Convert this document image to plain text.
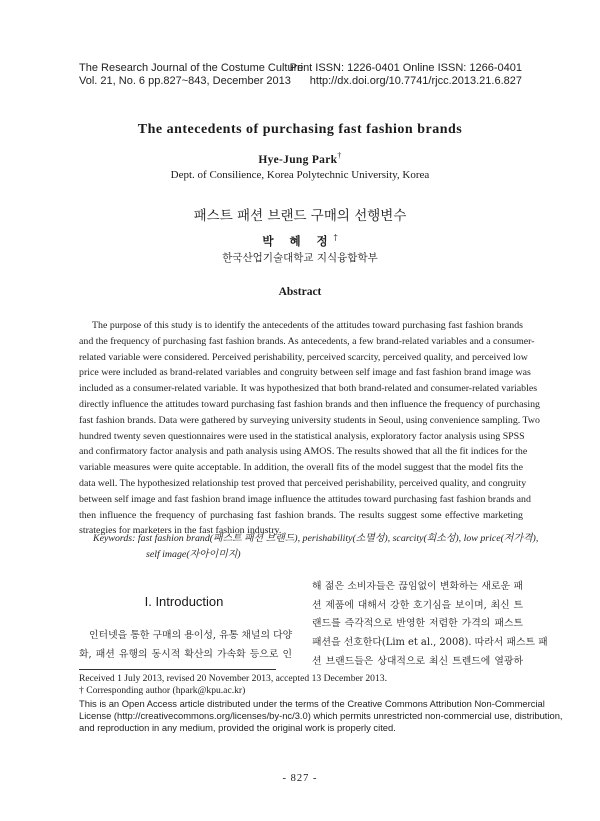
The Research Journal of the Costume Culture
Vol. 21, No. 6 pp.827~843, December 2013
Print ISSN: 1226-0401 Online ISSN: 1266-0401
http://dx.doi.org/10.7741/rjcc.2013.21.6.827
The antecedents of purchasing fast fashion brands
Hye-Jung Park†
Dept. of Consilience, Korea Polytechnic University, Korea
패스트 패션 브랜드 구매의 선행변수
박 혜 정†
한국산업기술대학교 지식융합학부
Abstract
The purpose of this study is to identify the antecedents of the attitudes toward purchasing fast fashion brands
and the frequency of purchasing fast fashion brands. As antecedents, a few brand-related variables and a consumer-
related variable were considered. Perceived perishability, perceived scarcity, perceived quality, and perceived low
price were included as brand-related variables and congruity between self image and fast fashion brand image was
included as a consumer-related variable. It was hypothesized that both brand-related and consumer-related variables
directly influence the attitudes toward purchasing fast fashion brands and then influence the frequency of purchasing
fast fashion brands. Data were gathered by surveying university students in Seoul, using convenience sampling. Two
hundred twenty seven questionnaires were used in the statistical analysis, exploratory factor analysis using SPSS
and confirmatory factor analysis and path analysis using AMOS. The results showed that all the fit indices for the
variable measures were quite acceptable. In addition, the overall fits of the model suggest that the model fits the
data well. The hypothesized relationship test proved that perceived perishability, perceived quality, and congruity
between self image and fast fashion brand image influence the attitudes toward purchasing fast fashion brands and
then influence the frequency of purchasing fast fashion brands. The results suggest some effective marketing
strategies for marketers in the fast fashion industry.
Keywords: fast fashion brand(패스트 패션 브랜드), perishability(소멸성), scarcity(희소성), low price(저가격),
self image(자아이미지)
I. Introduction
인터넷을 통한 구매의 용이성, 유통 채널의 다양
화, 패션 유행의 동시적 확산의 가속화 등으로 인
해 젊은 소비자들은 끊임없이 변화하는 새로운 패
션 제품에 대해서 강한 호기심을 보이며, 최신 트
랜드를 즉각적으로 반영한 저렴한 가격의 패스트
패션을 선호한다(Lim et al., 2008). 따라서 패스트 패
션 브랜드들은 상대적으로 최신 트렌드에 열광하
Received 1 July 2013, revised 20 November 2013, accepted 13 December 2013.
† Corresponding author (hpark@kpu.ac.kr)
This is an Open Access article distributed under the terms of the Creative Commons Attribution Non-Commercial
License (http://creativecommons.org/licenses/by-nc/3.0) which permits unrestricted non-commercial use, distribution,
and reproduction in any medium, provided the original work is properly cited.
- 827 -
